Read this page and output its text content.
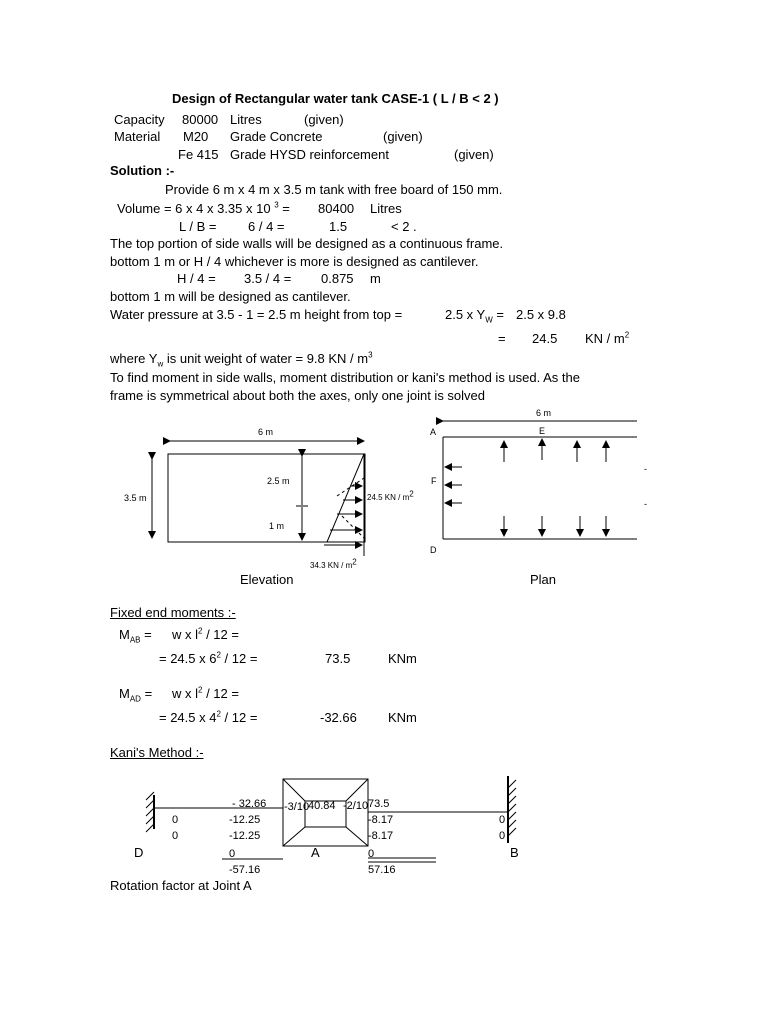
Design of Rectangular water tank CASE-1 ( L / B < 2 )
Capacity 80000 Litres	(given)
Material M20 Grade Concrete	(given)
Fe 415 Grade HYSD reinforcement	(given)
Solution :-
Provide 6 m x 4 m x 3.5 m tank with free board of 150 mm.
Volume = 6 x 4 x 3.35 x 10 $^3$ = 80400 Litres
L / B = 6 / 4 =	1.5	< 2 .
The top portion of side walls will be designed as a continuous frame.
bottom 1 m or H / 4 whichever is more is designed as cantilever.
H / 4 = 3.5 / 4 = 0.875 m
bottom 1 m will be designed as cantilever.
Water pressure at 3.5 - 1 = 2.5 m height from top =	2.5 x $Y_W = 2.5$ x 9.8
= 24.5 KN / $m^2$
where $Y_w$ is unit weight of water = 9.8 KN / $m^3$
To find moment in side walls, moment distribution or kani's method is used. As the
frame is symmetrical about both the axes, only one joint is solved
6 m
3.5 m
2.5 m
1 m
24.5 KN / $m^2$
34.3 KN / $m^2$
Elevation
6 m
A	E
F
D
-
-
Plan
Fixed end moments :-
$M_{AB} = w$ x $l^2 / 12$ =
= 24.5 x $6^2 / 12$ =	73.5	KNm
$M_{AD} = w$ x $l^2 / 12$ =
= 24.5 x $4^2 / 12$ =	-32.66 KNm
Kani's Method :-
- 32.66 -3/10
40.84 -2/10 73.5
0	-12.25	-8.17	0
0	-12.25	-8.17	0
D	0	A	0	B
-57.16	57.16
Rotation factor at Joint A
